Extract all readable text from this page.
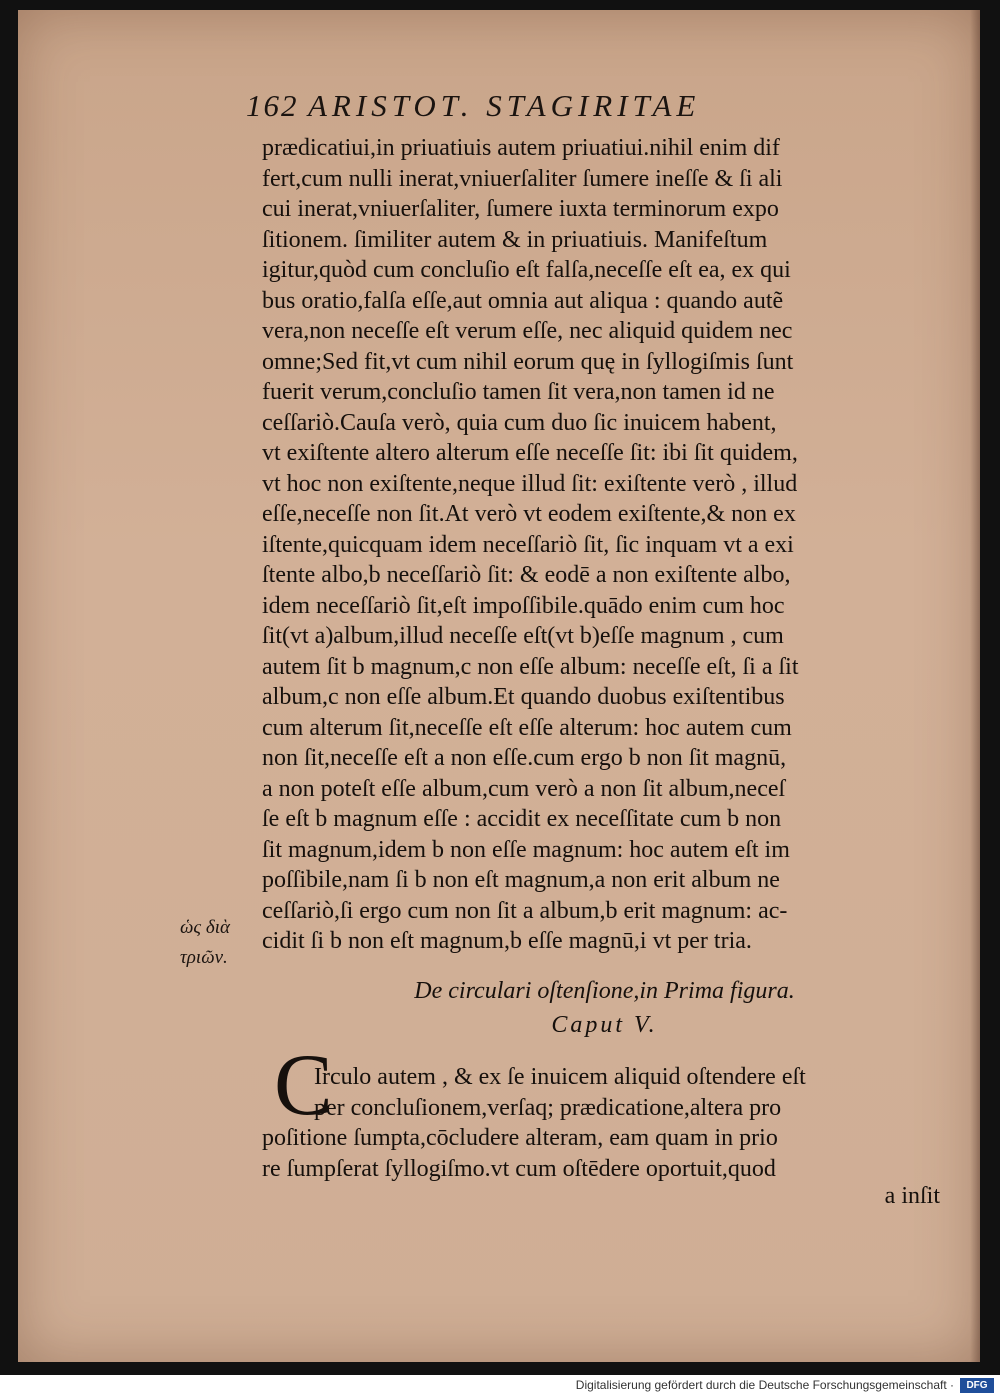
162 ARISTOT. STAGIRITAE
prædicatiui,in priuatiuis autem priuatiui.nihil enim dif
fert,cum nulli inerat,vniuerſaliter ſumere ineſſe & ſi ali
cui inerat,vniuerſaliter, ſumere iuxta terminorum expo
ſitionem. ſimiliter autem & in priuatiuis. Manifeſtum
igitur,quòd cum concluſio eſt falſa,neceſſe eſt ea, ex qui
bus oratio,falſa eſſe,aut omnia aut aliqua : quando autẽ
vera,non neceſſe eſt verum eſſe, nec aliquid quidem nec
omne;Sed fit,vt cum nihil eorum quę in ſyllogiſmis ſunt
fuerit verum,concluſio tamen ſit vera,non tamen id ne
ceſſariò.Cauſa verò, quia cum duo ſic inuicem habent,
vt exiſtente altero alterum eſſe neceſſe ſit: ibi ſit quidem,
vt hoc non exiſtente,neque illud ſit: exiſtente verò , illud
eſſe,neceſſe non ſit.At verò vt eodem exiſtente,& non ex
iſtente,quicquam idem neceſſariò ſit, ſic inquam vt a exi
ſtente albo,b neceſſariò ſit: & eodē a non exiſtente albo,
idem neceſſariò ſit,eſt impoſſibile.quādo enim cum hoc
ſit(vt a)album,illud neceſſe eſt(vt b)eſſe magnum , cum
autem ſit b magnum,c non eſſe album: neceſſe eſt, ſi a ſit
album,c non eſſe album.Et quando duobus exiſtentibus
cum alterum ſit,neceſſe eſt eſſe alterum: hoc autem cum
non ſit,neceſſe eſt a non eſſe.cum ergo b non ſit magnū,
a non poteſt eſſe album,cum verò a non ſit album,neceſ
ſe eſt b magnum eſſe : accidit ex neceſſitate cum b non
ſit magnum,idem b non eſſe magnum: hoc autem eſt im
poſſibile,nam ſi b non eſt magnum,a non erit album ne
ceſſariò,ſi ergo cum non ſit a album,b erit magnum: ac-
cidit ſi b non eſt magnum,b eſſe magnū,i vt per tria.
ὡς διὰ
τριῶν.
De circulari oſtenſione,in Prima figura.
Caput V.
C
Irculo autem , & ex ſe inuicem aliquid oſtendere eſt
per concluſionem,verſaq; prædicatione,altera pro
poſitione ſumpta,cōcludere alteram, eam quam in prio
re ſumpſerat ſyllogiſmo.vt cum oſtēdere oportuit,quod
a inſit
Digitalisierung gefördert durch die Deutsche Forschungsgemeinschaft ·	DFG
